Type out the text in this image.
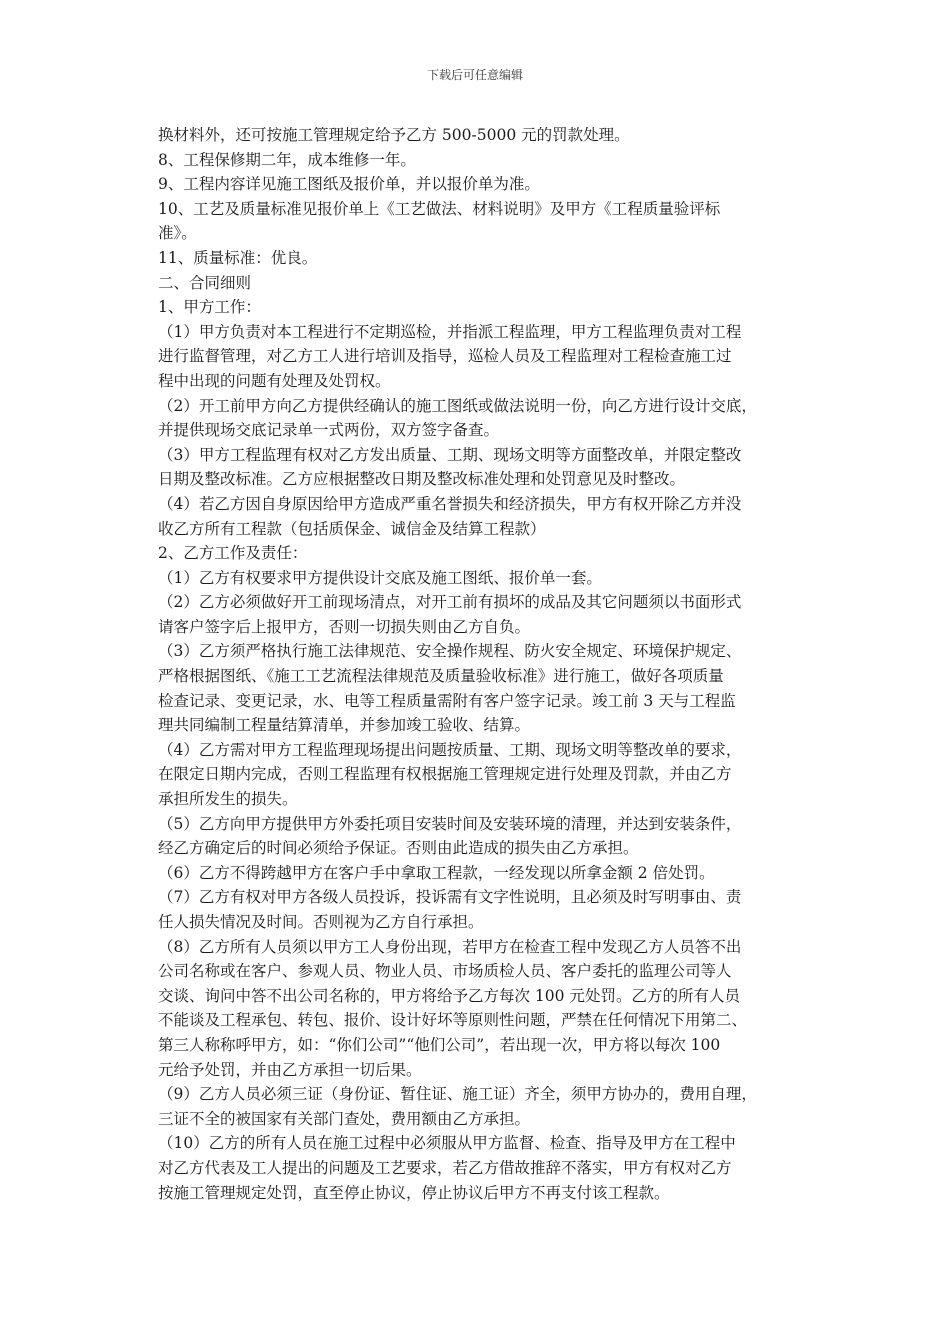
下载后可任意编辑
换材料外，还可按施工管理规定给予乙方 500-5000 元的罚款处理。
8、工程保修期二年，成本维修一年。
9、工程内容详见施工图纸及报价单，并以报价单为准。
10、工艺及质量标准见报价单上《工艺做法、材料说明》及甲方《工程质量验评标
准》。
11、质量标准：优良。
二、合同细则
1、甲方工作：
（1）甲方负责对本工程进行不定期巡检，并指派工程监理，甲方工程监理负责对工程
进行监督管理，对乙方工人进行培训及指导，巡检人员及工程监理对工程检查施工过
程中出现的问题有处理及处罚权。
（2）开工前甲方向乙方提供经确认的施工图纸或做法说明一份，向乙方进行设计交底，
并提供现场交底记录单一式两份，双方签字备查。
（3）甲方工程监理有权对乙方发出质量、工期、现场文明等方面整改单，并限定整改
日期及整改标准。乙方应根据整改日期及整改标准处理和处罚意见及时整改。
（4）若乙方因自身原因给甲方造成严重名誉损失和经济损失，甲方有权开除乙方并没
收乙方所有工程款（包括质保金、诚信金及结算工程款）
2、乙方工作及责任：
（1）乙方有权要求甲方提供设计交底及施工图纸、报价单一套。
（2）乙方必须做好开工前现场清点，对开工前有损坏的成品及其它问题须以书面形式
请客户签字后上报甲方，否则一切损失则由乙方自负。
（3）乙方须严格执行施工法律规范、安全操作规程、防火安全规定、环境保护规定、
严格根据图纸、《施工工艺流程法律规范及质量验收标准》进行施工，做好各项质量
检查记录、变更记录，水、电等工程质量需附有客户签字记录。竣工前 3 天与工程监
理共同编制工程量结算清单，并参加竣工验收、结算。
（4）乙方需对甲方工程监理现场提出问题按质量、工期、现场文明等整改单的要求，
在限定日期内完成，否则工程监理有权根据施工管理规定进行处理及罚款，并由乙方
承担所发生的损失。
（5）乙方向甲方提供甲方外委托项目安装时间及安装环境的清理，并达到安装条件，
经乙方确定后的时间必须给予保证。否则由此造成的损失由乙方承担。
（6）乙方不得跨越甲方在客户手中拿取工程款，一经发现以所拿金额 2 倍处罚。
（7）乙方有权对甲方各级人员投诉，投诉需有文字性说明，且必须及时写明事由、责
任人损失情况及时间。否则视为乙方自行承担。
（8）乙方所有人员须以甲方工人身份出现，若甲方在检查工程中发现乙方人员答不出
公司名称或在客户、参观人员、物业人员、市场质检人员、客户委托的监理公司等人
交谈、询问中答不出公司名称的，甲方将给予乙方每次 100 元处罚。乙方的所有人员
不能谈及工程承包、转包、报价、设计好坏等原则性问题，严禁在任何情况下用第二、
第三人称称呼甲方，如：“你们公司”“他们公司”，若出现一次，甲方将以每次 100
元给予处罚，并由乙方承担一切后果。
（9）乙方人员必须三证（身份证、暂住证、施工证）齐全，须甲方协办的，费用自理，
三证不全的被国家有关部门查处，费用额由乙方承担。
（10）乙方的所有人员在施工过程中必须服从甲方监督、检查、指导及甲方在工程中
对乙方代表及工人提出的问题及工艺要求，若乙方借故推辞不落实，甲方有权对乙方
按施工管理规定处罚，直至停止协议，停止协议后甲方不再支付该工程款。
